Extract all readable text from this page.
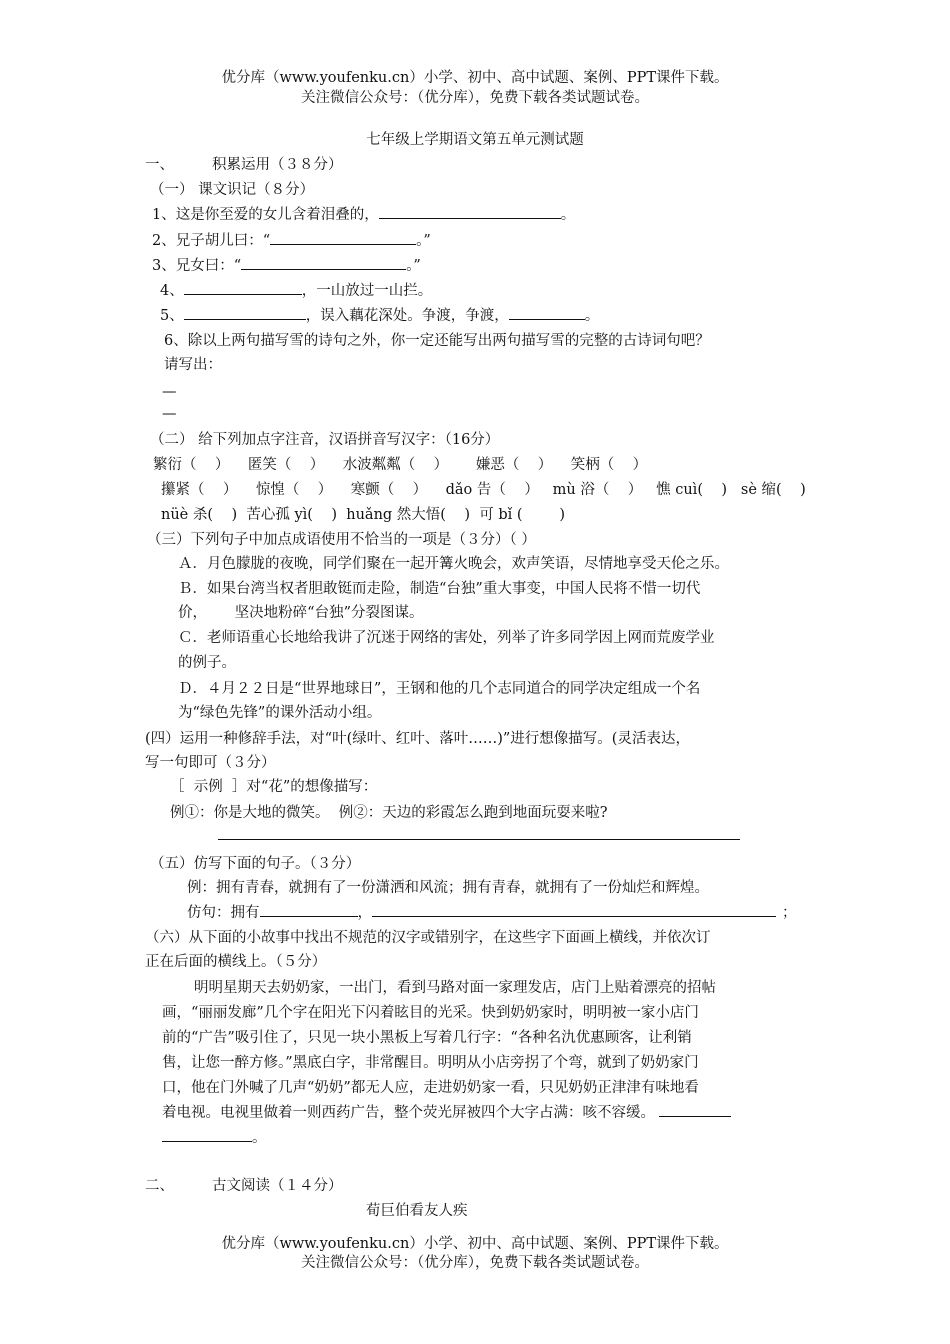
优分库（www.youfenku.cn）小学、初中、高中试题、案例、PPT课件下载。
关注微信公众号：（优分库），免费下载各类试题试卷。
七年级上学期语文第五单元测试题
一、	积累运用（３８分）
（一） 课文识记（８分）
1、这是你至爱的女儿含着泪叠的，	。
2、兄子胡儿曰：“	。”
3、兄女曰：“	。”
4、	，一山放过一山拦。
5、	，误入藕花深处。争渡，争渡，	。
6、除以上两句描写雪的诗句之外，你一定还能写出两句描写雪的完整的古诗词句吧？
请写出：
—
—
（二） 给下列加点字注音，汉语拼音写汉字：（16分）
繁衍（    ）    匿笑（    ）    水波粼粼（    ）      嫌恶（    ）    笑柄（    ）
攥紧（    ）    惊惶（    ）    寒颤（    ）    dǎo 告（    ）   mù 浴（    ）   憔 cuì(    )   sè 缩(    )
nüè 杀(    )  苦心孤 yì(    )  huǎng 然大悟(    )  可 bǐ (        )
（三）下列句子中加点成语使用不恰当的一项是（３分）（ ）
Ａ．月色朦胧的夜晚，同学们聚在一起开篝火晚会，欢声笑语，尽情地享受天伦之乐。
Ｂ．如果台湾当权者胆敢铤而走险，制造“台独”重大事变，中国人民将不惜一切代
价，      坚决地粉碎“台独”分裂图谋。
Ｃ．老师语重心长地给我讲了沉迷于网络的害处，列举了许多同学因上网而荒废学业
的例子。
Ｄ．４月２２日是“世界地球日”，王钢和他的几个志同道合的同学决定组成一个名
为“绿色先锋”的课外活动小组。
(四）运用一种修辞手法，对“叶(绿叶、红叶、落叶……)”进行想像描写。(灵活表达，
写一句即可（３分）
［  示例  ］对“花”的想像描写：
例①：你是大地的微笑。  例②：天边的彩霞怎么跑到地面玩耍来啦?
（五）仿写下面的句子。（３分）
例：拥有青春，就拥有了一份潇洒和风流；拥有青春，就拥有了一份灿烂和辉煌。
仿句：拥有	，	；
（六）从下面的小故事中找出不规范的汉字或错别字，在这些字下面画上横线，并依次订
正在后面的横线上。（５分）
明明星期天去奶奶家，一出门，看到马路对面一家理发店，店门上贴着漂亮的招帖
画，“丽丽发廊”几个字在阳光下闪着眩目的光采。快到奶奶家时，明明被一家小店门
前的“广告”吸引住了，只见一块小黑板上写着几行字：“各种名氿优惠顾客，让利销
售，让您一醉方修。”黑底白字，非常醒目。明明从小店旁拐了个弯，就到了奶奶家门
口，他在门外喊了几声“奶奶”都无人应，走进奶奶家一看，只见奶奶正津津有味地看
着电视。电视里做着一则西药广告，整个荧光屏被四个大字占满：咳不容缓。
。
二、	古文阅读（１４分）
荀巨伯看友人疾
优分库（www.youfenku.cn）小学、初中、高中试题、案例、PPT课件下载。
关注微信公众号：（优分库），免费下载各类试题试卷。
